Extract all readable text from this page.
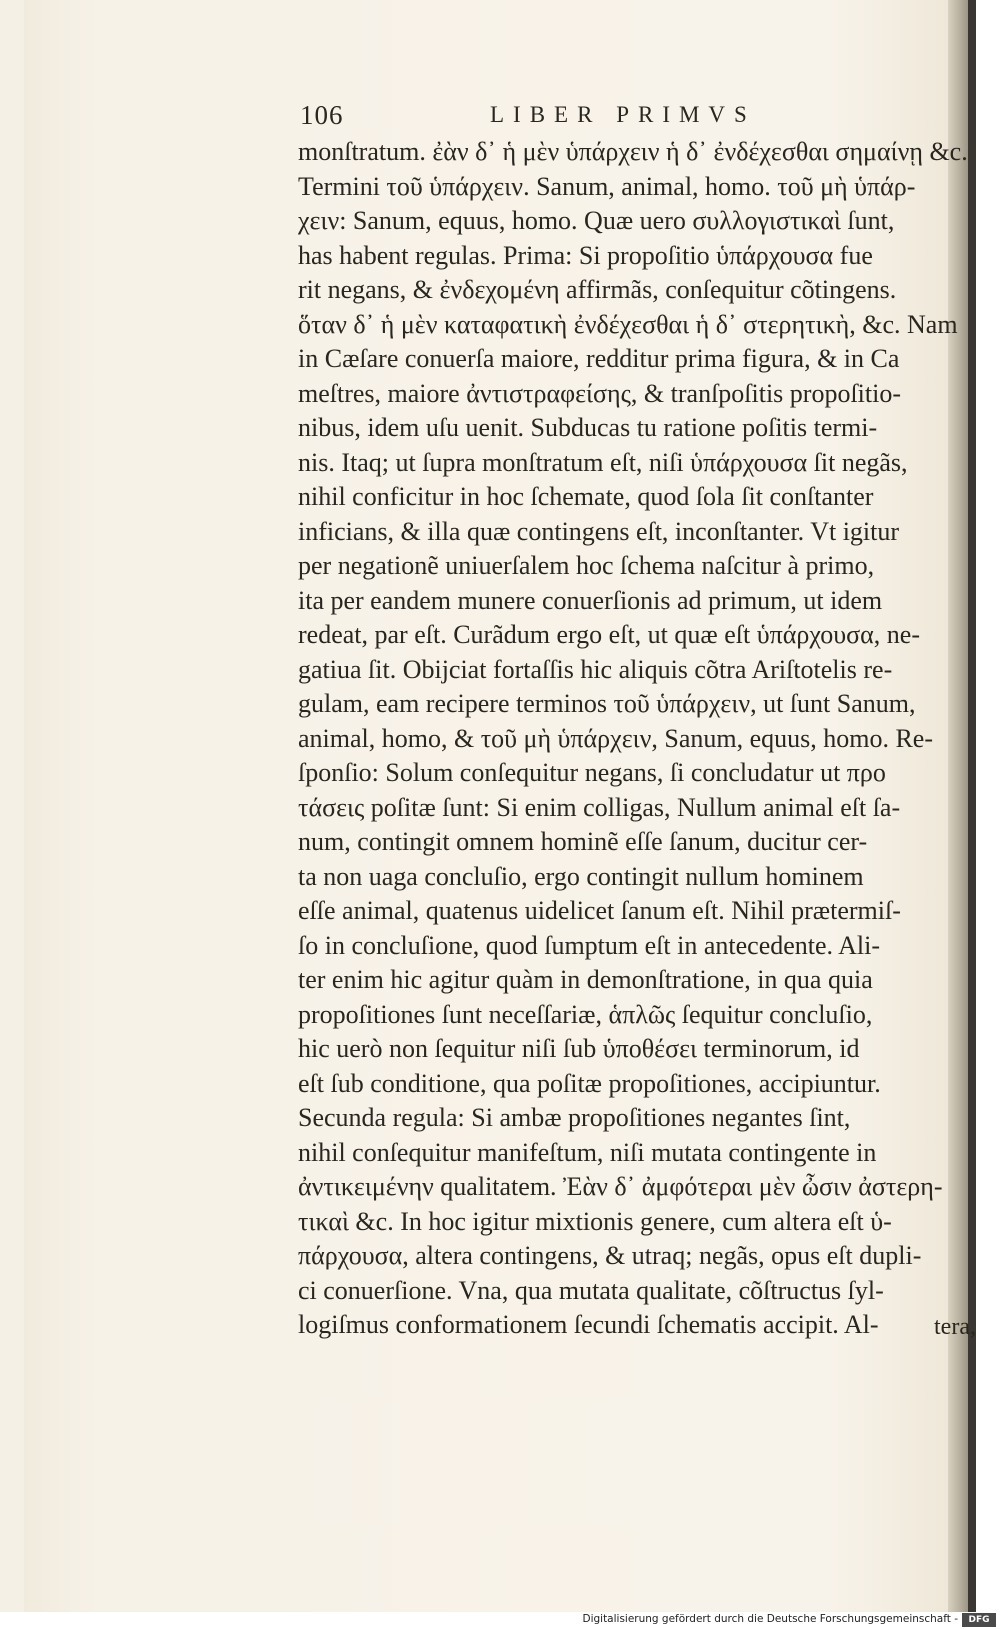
106	LIBER PRIMVS
monſtratum. ἐὰν δ᾽ ἡ μὲν ὑπάρχειν ἡ δ᾽ ἐνδέχεσθαι σημαίνῃ &c.
Termini τοῦ ὑπάρχειν. Sanum, animal, homo. τοῦ μὴ ὑπάρ-
χειν: Sanum, equus, homo. Quæ uero συλλογιστικαὶ ſunt,
has habent regulas. Prima: Si propoſitio ὑπάρχουσα fue
rit negans, & ἐνδεχομένη affirmãs, conſequitur cõtingens.
ὅταν δ᾽ ἡ μὲν καταφατικὴ ἐνδέχεσθαι ἡ δ᾽ στερητικὴ, &c. Nam
in Cæſare conuerſa maiore, redditur prima figura, & in Ca
meſtres, maiore ἀντιστραφείσης, & tranſpoſitis propoſitio-
nibus, idem uſu uenit. Subducas tu ratione poſitis termi-
nis. Itaq; ut ſupra monſtratum eſt, niſi ὑπάρχουσα ſit negãs,
nihil conficitur in hoc ſchemate, quod ſola ſit conſtanter
inficians, & illa quæ contingens eſt, inconſtanter. Vt igitur
per negationẽ uniuerſalem hoc ſchema naſcitur à primo,
ita per eandem munere conuerſionis ad primum, ut idem
redeat, par eſt. Curãdum ergo eſt, ut quæ eſt ὑπάρχουσα, ne-
gatiua ſit. Obijciat fortaſſis hic aliquis cõtra Ariſtotelis re-
gulam, eam recipere terminos τοῦ ὑπάρχειν, ut ſunt Sanum,
animal, homo, & τοῦ μὴ ὑπάρχειν, Sanum, equus, homo. Re-
ſponſio: Solum conſequitur negans, ſi concludatur ut προ
τάσεις poſitæ ſunt: Si enim colligas, Nullum animal eſt ſa-
num, contingit omnem hominẽ eſſe ſanum, ducitur cer-
ta non uaga concluſio, ergo contingit nullum hominem
eſſe animal, quatenus uidelicet ſanum eſt. Nihil prætermiſ-
ſo in concluſione, quod ſumptum eſt in antecedente. Ali-
ter enim hic agitur quàm in demonſtratione, in qua quia
propoſitiones ſunt neceſſariæ, ἁπλῶς ſequitur concluſio,
hic uerò non ſequitur niſi ſub ὑποθέσει terminorum, id
eſt ſub conditione, qua poſitæ propoſitiones, accipiuntur.
Secunda regula: Si ambæ propoſitiones negantes ſint,
nihil conſequitur manifeſtum, niſi mutata contingente in
ἀντικειμένην qualitatem. Ἐὰν δ᾽ ἀμφότεραι μὲν ὦσιν ἀστερη-
τικαὶ &c. In hoc igitur mixtionis genere, cum altera eſt ὑ-
πάρχουσα, altera contingens, & utraq; negãs, opus eſt dupli-
ci conuerſione. Vna, qua mutata qualitate, cõſtructus ſyl-
logiſmus conformationem ſecundi ſchematis accipit. Al-	tera,
Digitalisierung gefördert durch die Deutsche Forschungsgemeinschaft -	DFG
